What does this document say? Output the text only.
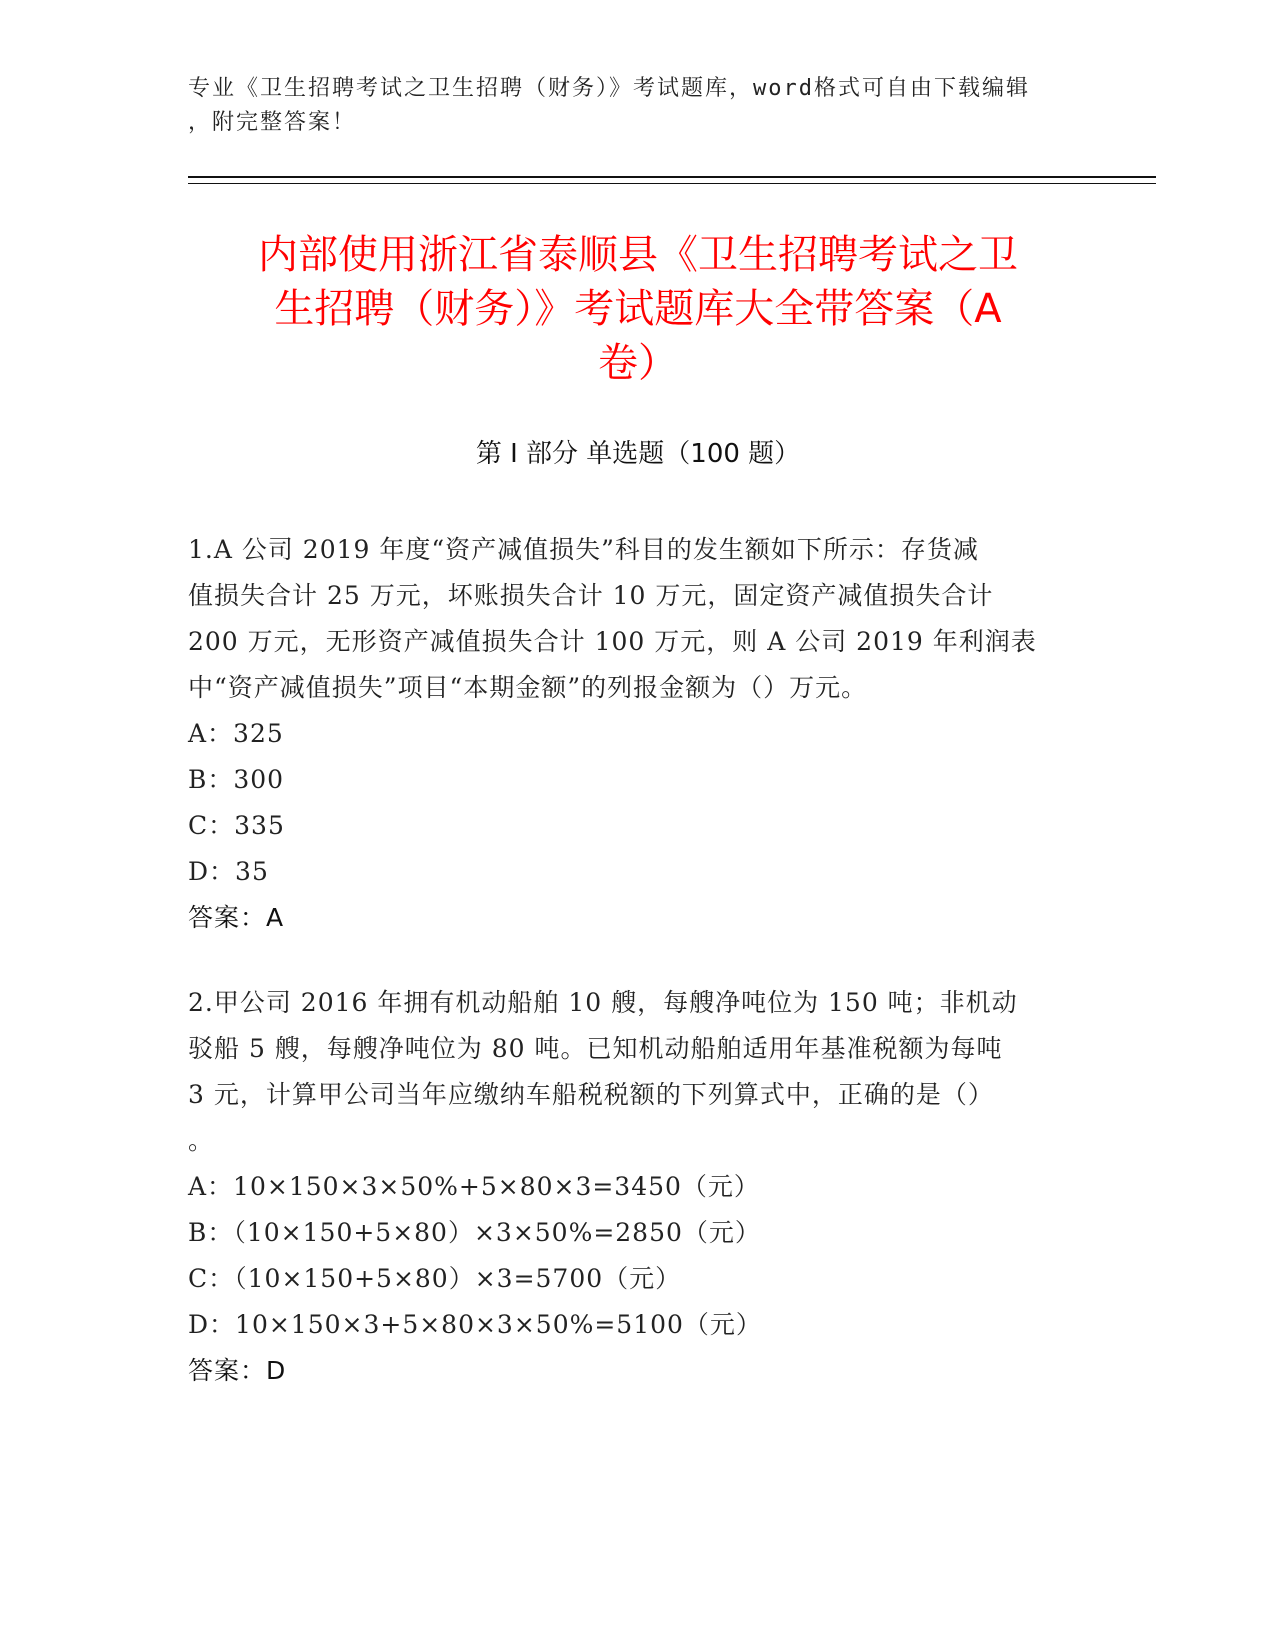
专业《卫生招聘考试之卫生招聘（财务）》考试题库，word格式可自由下载编辑
，附完整答案！
内部使用浙江省泰顺县《卫生招聘考试之卫
生招聘（财务）》考试题库大全带答案（A
卷）
第 I 部分 单选题（100 题）

1.A 公司 2019 年度“资产减值损失”科目的发生额如下所示：存货减

值损失合计 25 万元，坏账损失合计 10 万元，固定资产减值损失合计

200 万元，无形资产减值损失合计 100 万元，则 A 公司 2019 年利润表

中“资产减值损失”项目“本期金额”的列报金额为（）万元。

A：325

B：300

C：335

D：35

答案：A

2.甲公司 2016 年拥有机动船舶 10 艘，每艘净吨位为 150 吨；非机动

驳船 5 艘，每艘净吨位为 80 吨。已知机动船舶适用年基准税额为每吨

3 元，计算甲公司当年应缴纳车船税税额的下列算式中，正确的是（）

。

A：10×150×3×50%+5×80×3=3450（元）

B：（10×150+5×80）×3×50%=2850（元）

C：（10×150+5×80）×3=5700（元）

D：10×150×3+5×80×3×50%=5100（元）

答案：D
